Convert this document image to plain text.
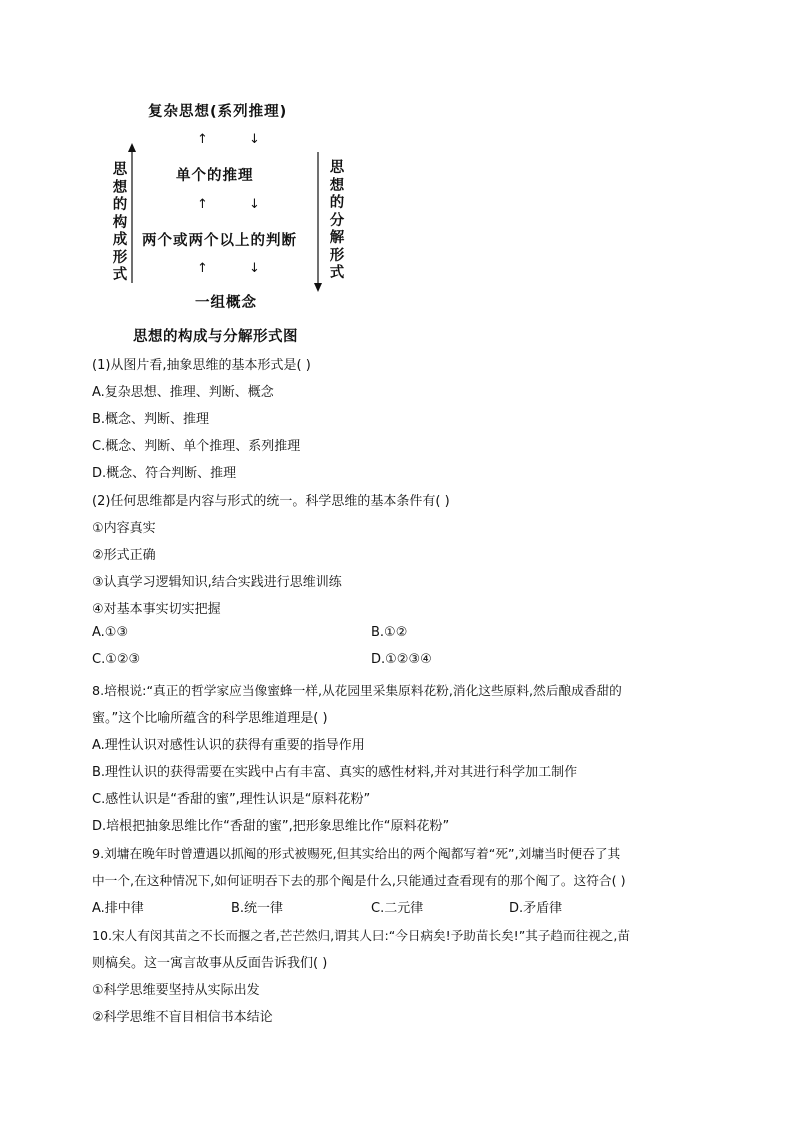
复杂思想(系列推理)
↑	↓
单个的推理
↑	↓
两个或两个以上的判断
↑	↓
一组概念
思想的构成形式
思想的分解形式
思想的构成与分解形式图
(1)从图片看,抽象思维的基本形式是( )
A.复杂思想、推理、判断、概念
B.概念、判断、推理
C.概念、判断、单个推理、系列推理
D.概念、符合判断、推理
(2)任何思维都是内容与形式的统一。科学思维的基本条件有( )
①内容真实
②形式正确
③认真学习逻辑知识,结合实践进行思维训练
④对基本事实切实把握
A.①③	B.①②
C.①②③	D.①②③④
8.培根说:“真正的哲学家应当像蜜蜂一样,从花园里采集原料花粉,消化这些原料,然后酿成香甜的
蜜。”这个比喻所蕴含的科学思维道理是( )
A.理性认识对感性认识的获得有重要的指导作用
B.理性认识的获得需要在实践中占有丰富、真实的感性材料,并对其进行科学加工制作
C.感性认识是“香甜的蜜”,理性认识是“原料花粉”
D.培根把抽象思维比作“香甜的蜜”,把形象思维比作“原料花粉”
9.刘墉在晚年时曾遭遇以抓阄的形式被赐死,但其实给出的两个阄都写着“死”,刘墉当时便吞了其
中一个,在这种情况下,如何证明吞下去的那个阄是什么,只能通过查看现有的那个阄了。这符合( )
A.排中律	B.统一律	C.二元律	D.矛盾律
10.宋人有闵其苗之不长而揠之者,芒芒然归,谓其人曰:“今日病矣!予助苗长矣!”其子趋而往视之,苗
则槁矣。这一寓言故事从反面告诉我们( )
①科学思维要坚持从实际出发
②科学思维不盲目相信书本结论
